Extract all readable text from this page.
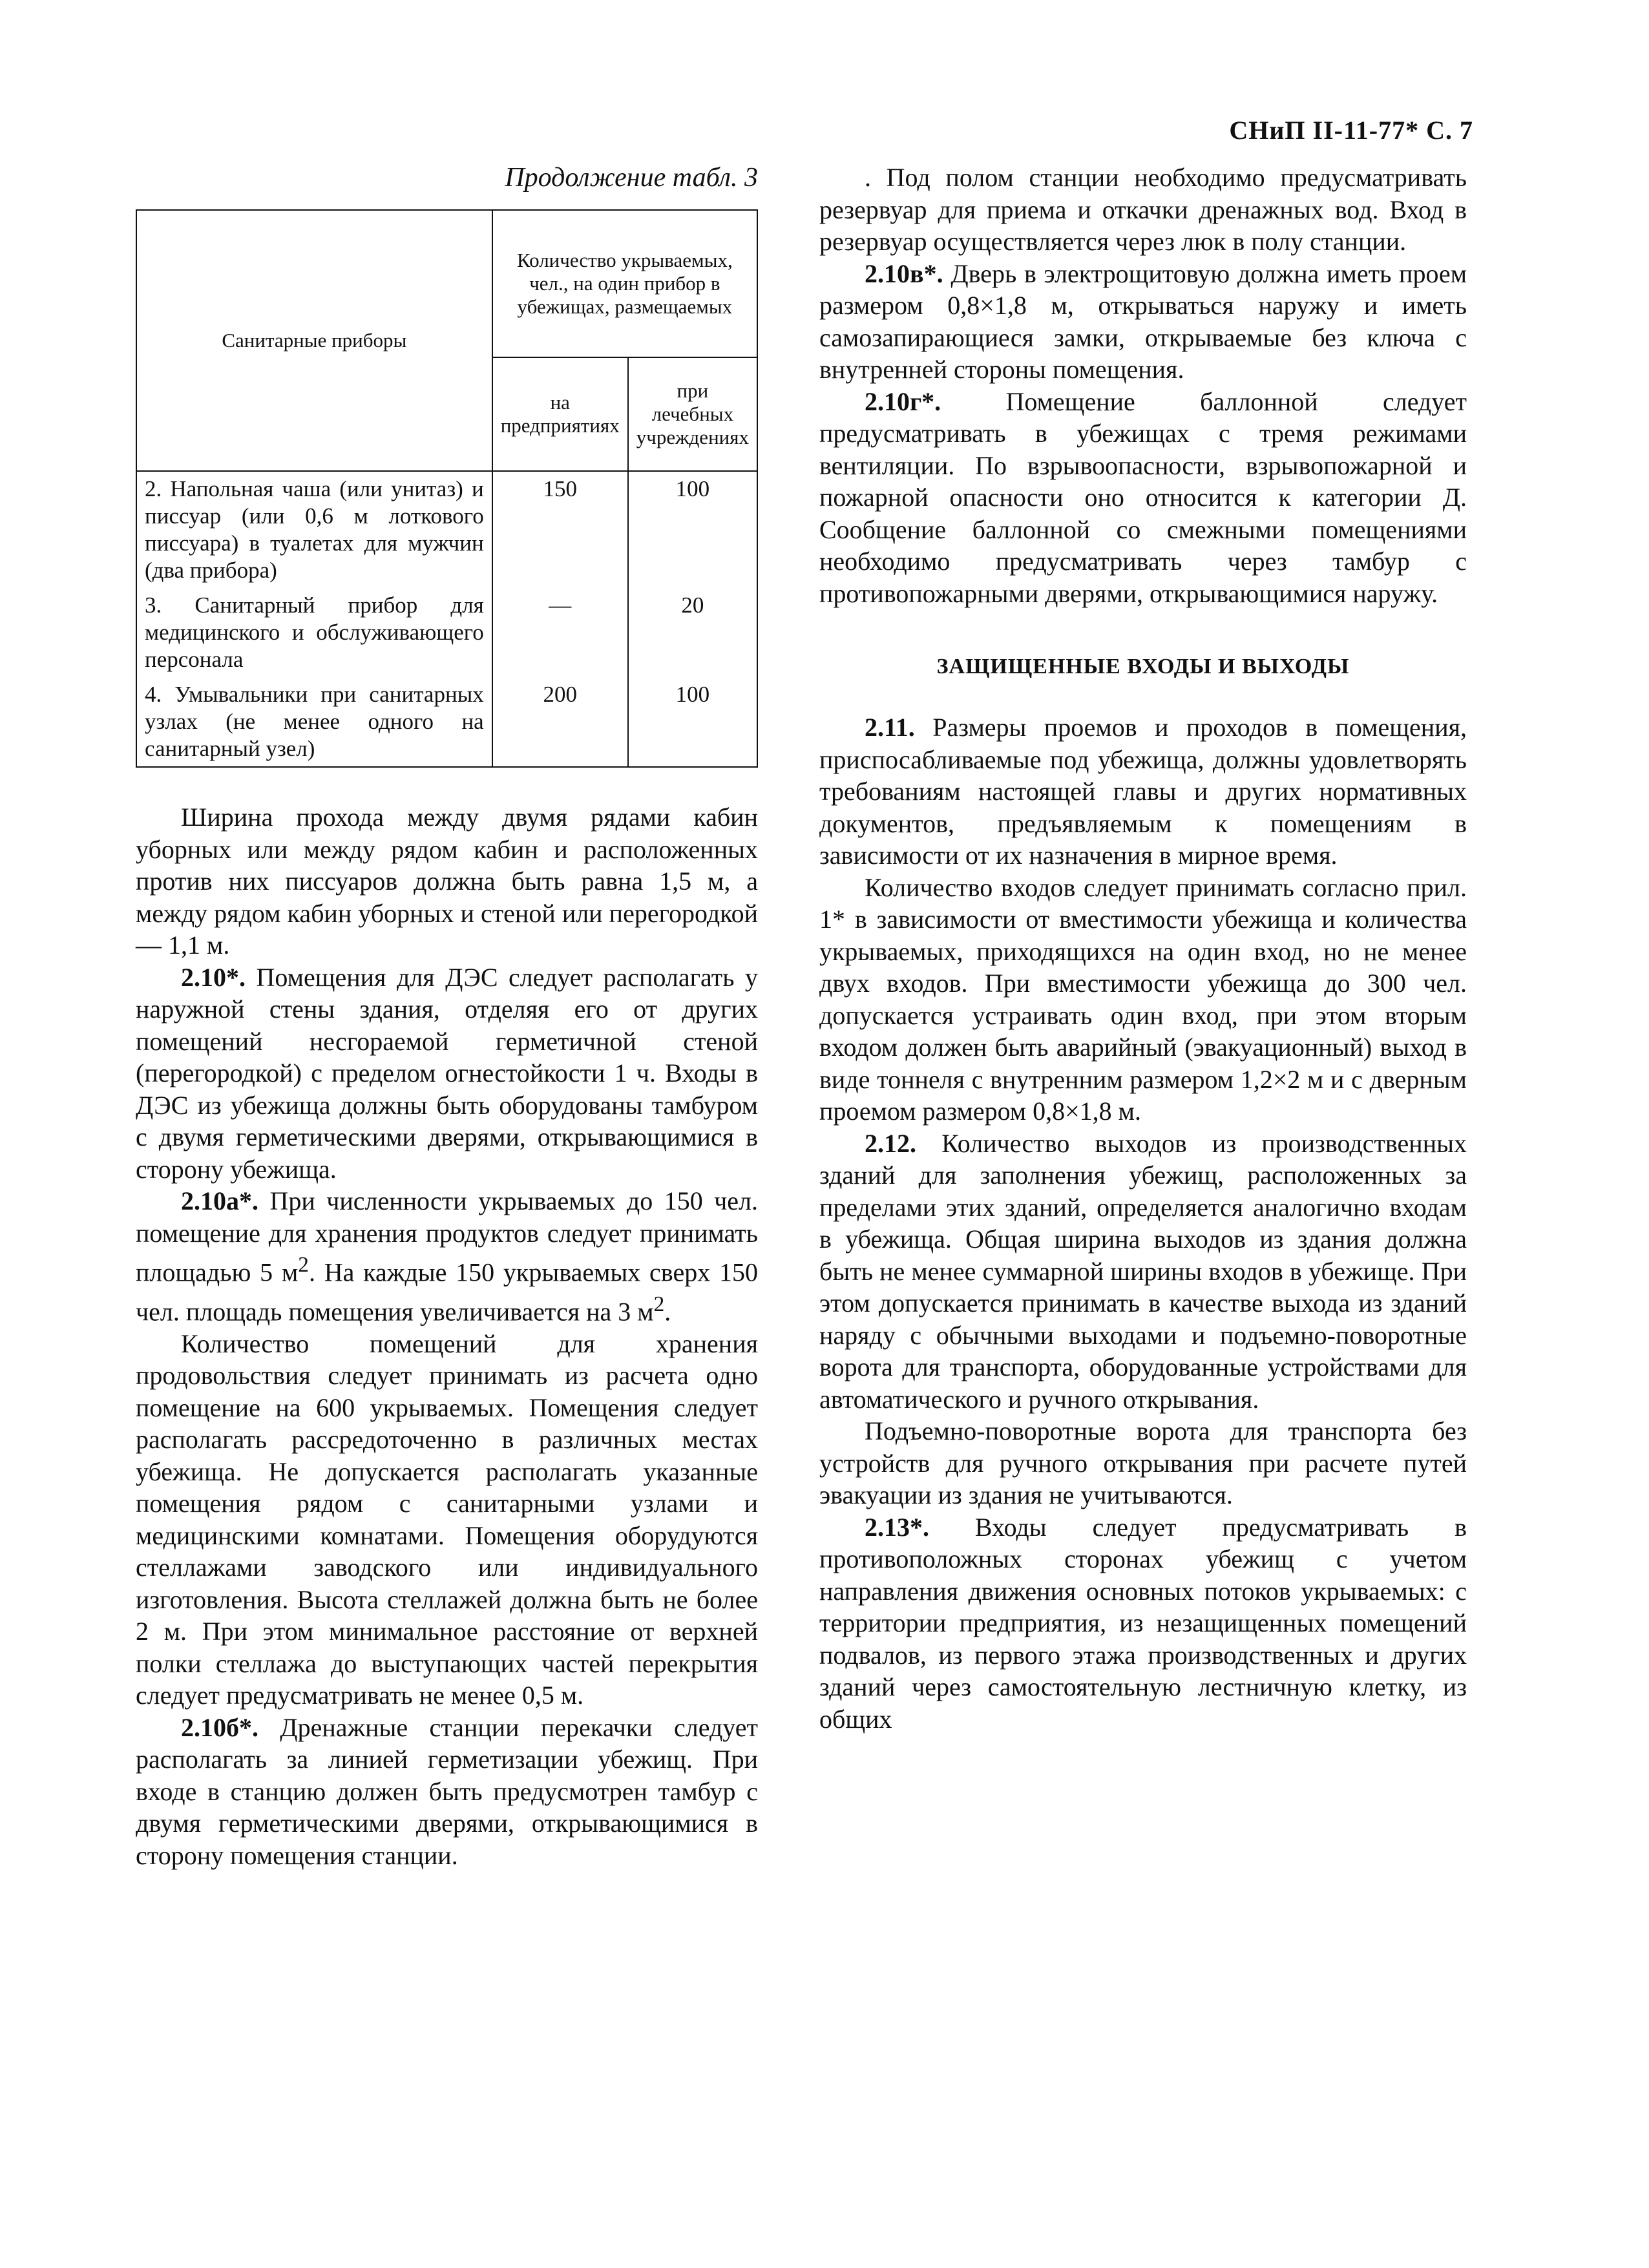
СНиП II-11-77* С. 7
Продолжение табл. 3
Санитарные приборы	Количество укрываемых, чел., на один прибор в убежищах, размещаемых	
	на предприятиях	при лечебных учреждениях
2. Напольная чаша (или унитаз) и писсуар (или 0,6 м лоткового писсуара) в туалетах для мужчин (два прибора)	150	100
3. Санитарный прибор для медицинского и обслуживающего персонала	—	20
4. Умывальники при санитарных узлах (не менее одного на санитарный узел)	200	100

Ширина прохода между двумя рядами кабин уборных или между рядом кабин и расположенных против них писсуаров должна быть равна 1,5 м, а между рядом кабин уборных и стеной или перегородкой — 1,1 м.

2.10*. Помещения для ДЭС следует располагать у наружной стены здания, отделяя его от других помещений несгораемой герметичной стеной (перегородкой) с пределом огнестойкости 1 ч. Входы в ДЭС из убежища должны быть оборудованы тамбуром с двумя герметическими дверями, открывающимися в сторону убежища.

2.10а*. При численности укрываемых до 150 чел. помещение для хранения продуктов следует принимать площадью 5 $м^2$. На каждые 150 укрываемых сверх 150 чел. площадь помещения увеличивается на 3 $м^2$.

Количество помещений для хранения продовольствия следует принимать из расчета одно помещение на 600 укрываемых. Помещения следует располагать рассредоточенно в различных местах убежища. Не допускается располагать указанные помещения рядом с санитарными узлами и медицинскими комнатами. Помещения оборудуются стеллажами заводского или индивидуального изготовления. Высота стеллажей должна быть не более 2 м. При этом минимальное расстояние от верхней полки стеллажа до выступающих частей перекрытия следует предусматривать не менее 0,5 м.

2.10б*. Дренажные станции перекачки следует располагать за линией герметизации убежищ. При входе в станцию должен быть предусмотрен тамбур с двумя герметическими дверями, открывающимися в сторону помещения станции.

. Под полом станции необходимо предусматривать резервуар для приема и откачки дренажных вод. Вход в резервуар осуществляется через люк в полу станции.

2.10в*. Дверь в электрощитовую должна иметь проем размером 0,8×1,8 м, открываться наружу и иметь самозапирающиеся замки, открываемые без ключа с внутренней стороны помещения.

2.10г*. Помещение баллонной следует предусматривать в убежищах с тремя режимами вентиляции. По взрывоопасности, взрывопожарной и пожарной опасности оно относится к категории Д. Сообщение баллонной со смежными помещениями необходимо предусматривать через тамбур с противопожарными дверями, открывающимися наружу.

ЗАЩИЩЕННЫЕ ВХОДЫ И ВЫХОДЫ

2.11. Размеры проемов и проходов в помещения, приспосабливаемые под убежища, должны удовлетворять требованиям настоящей главы и других нормативных документов, предъявляемым к помещениям в зависимости от их назначения в мирное время.

Количество входов следует принимать согласно прил. 1* в зависимости от вместимости убежища и количества укрываемых, приходящихся на один вход, но не менее двух входов. При вместимости убежища до 300 чел. допускается устраивать один вход, при этом вторым входом должен быть аварийный (эвакуационный) выход в виде тоннеля с внутренним размером 1,2×2 м и с дверным проемом размером 0,8×1,8 м.

2.12. Количество выходов из производственных зданий для заполнения убежищ, расположенных за пределами этих зданий, определяется аналогично входам в убежища. Общая ширина выходов из здания должна быть не менее суммарной ширины входов в убежище. При этом допускается принимать в качестве выхода из зданий наряду с обычными выходами и подъемно-поворотные ворота для транспорта, оборудованные устройствами для автоматического и ручного открывания.

Подъемно-поворотные ворота для транспорта без устройств для ручного открывания при расчете путей эвакуации из здания не учитываются.

2.13*. Входы следует предусматривать в противоположных сторонах убежищ с учетом направления движения основных потоков укрываемых: с территории предприятия, из незащищенных помещений подвалов, из первого этажа производственных и других зданий через самостоятельную лестничную клетку, из общих
